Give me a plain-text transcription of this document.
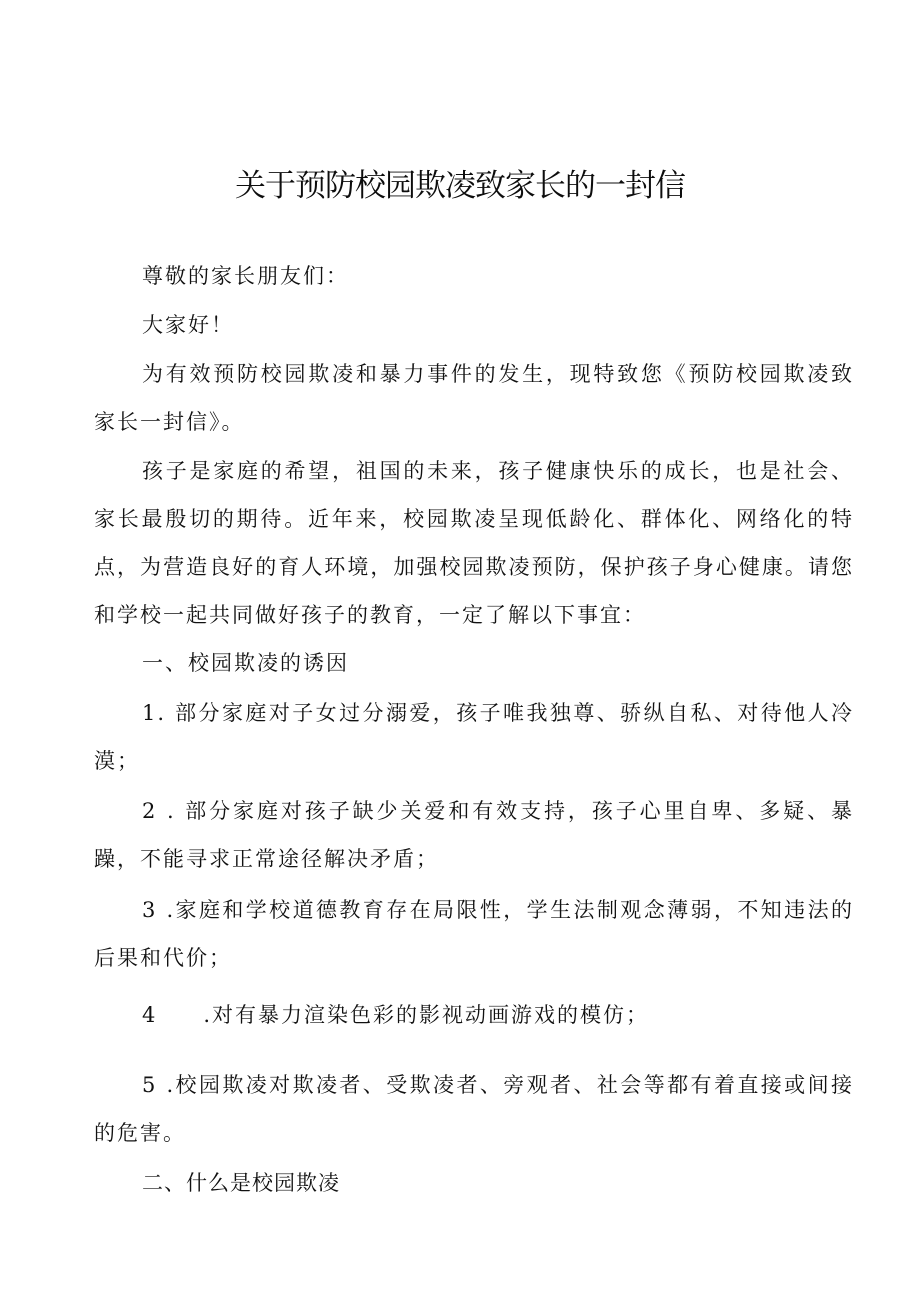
关于预防校园欺凌致家长的一封信

尊敬的家长朋友们：

大家好！

为有效预防校园欺凌和暴力事件的发生，现特致您《预防校园欺凌致家长一封信》。

孩子是家庭的希望，祖国的未来，孩子健康快乐的成长，也是社会、家长最殷切的期待。近年来，校园欺凌呈现低龄化、群体化、网络化的特点，为营造良好的育人环境，加强校园欺凌预防，保护孩子身心健康。请您和学校一起共同做好孩子的教育，一定了解以下事宜：

一、校园欺凌的诱因

1. 部分家庭对子女过分溺爱，孩子唯我独尊、骄纵自私、对待他人冷漠；

2 . 部分家庭对孩子缺少关爱和有效支持，孩子心里自卑、多疑、暴躁，不能寻求正常途径解决矛盾；

3 .家庭和学校道德教育存在局限性，学生法制观念薄弱，不知违法的后果和代价；

4　　.对有暴力渲染色彩的影视动画游戏的模仿；

5 .校园欺凌对欺凌者、受欺凌者、旁观者、社会等都有着直接或间接的危害。

二、什么是校园欺凌
